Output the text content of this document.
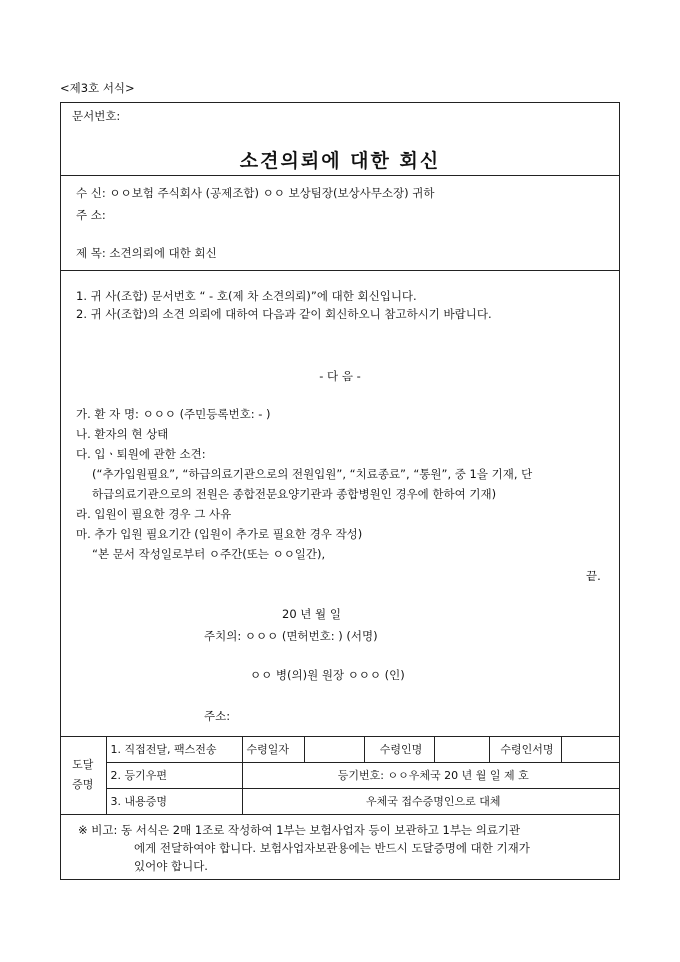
<제3호 서식>
문서번호:
소견의뢰에 대한 회신
수 신: ㅇㅇ보험 주식회사 (공제조합) ㅇㅇ 보상팀장(보상사무소장) 귀하
주 소:
제 목: 소견의뢰에 대한 회신
1. 귀 사(조합) 문서번호 “ - 호(제 차 소견의뢰)”에 대한 회신입니다.
2. 귀 사(조합)의 소견 의뢰에 대하여 다음과 같이 회신하오니 참고하시기 바랍니다.
- 다 음 -
가. 환 자 명: ㅇㅇㅇ (주민등록번호: - )
나. 환자의 현 상태
다. 입ㆍ퇴원에 관한 소견:
(“추가입원필요”, “하급의료기관으로의 전원입원”, “치료종료”, “통원”, 중 1을 기재, 단
하급의료기관으로의 전원은 종합전문요양기관과 종합병원인 경우에 한하여 기재)
라. 입원이 필요한 경우 그 사유
마. 추가 입원 필요기간 (입원이 추가로 필요한 경우 작성)
“본 문서 작성일로부터 ㅇ주간(또는 ㅇㅇ일간),
끝.
20 년 월 일
주치의: ㅇㅇㅇ (면허번호: ) (서명)
ㅇㅇ 병(의)원 원장 ㅇㅇㅇ (인)
주소:
도달
증명	1. 직접전달, 팩스전송	수령일자		수령인명		수령인서명	
	2. 등기우편	등기번호: ㅇㅇ우체국 20 년 월 일 제 호					
	3. 내용증명	우체국 접수증명인으로 대체					
※ 비고: 동 서식은 2매 1조로 작성하여 1부는 보험사업자 등이 보관하고 1부는 의료기관
에게 전달하여야 합니다. 보험사업자보관용에는 반드시 도달증명에 대한 기재가
있어야 합니다.
